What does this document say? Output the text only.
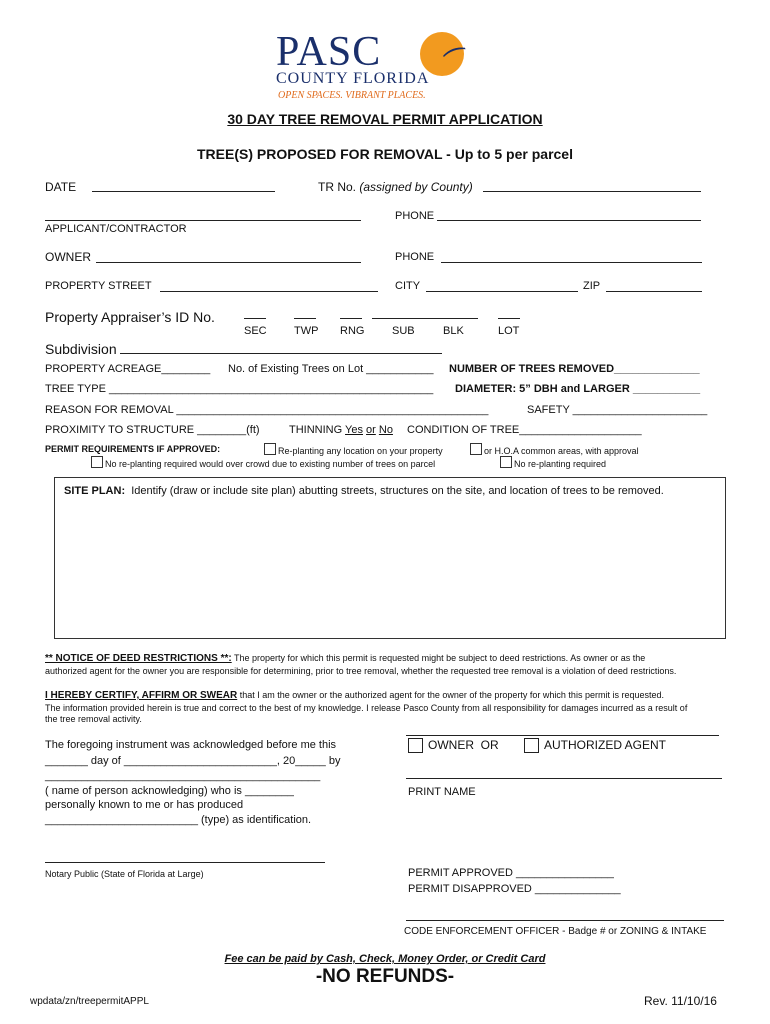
⁀
PASC
COUNTY FLORIDA
OPEN SPACES. VIBRANT PLACES.
30 DAY TREE REMOVAL PERMIT APPLICATION
TREE(S) PROPOSED FOR REMOVAL - Up to 5 per parcel
DATE	TR No. (assigned by County)
APPLICANT/CONTRACTOR
PHONE
OWNER	PHONE
PROPERTY STREET	CITY	ZIP
Property Appraiser’s ID No.
SEC TWP RNG	SUB	BLK	LOT
Subdivision
PROPERTY ACREAGE________ No. of Existing Trees on Lot ___________ NUMBER OF TREES REMOVED______________
TREE TYPE _____________________________________________________ DIAMETER: 5” DBH and LARGER ___________
REASON FOR REMOVAL ___________________________________________________	SAFETY ______________________
PROXIMITY TO STRUCTURE ________(ft)	THINNING Yes or No CONDITION OF TREE____________________
PERMIT REQUIREMENTS IF APPROVED:	Re-planting any location on your property	or H.O.A common areas, with approval
No re-planting required would over crowd due to existing number of trees on parcel	No re-planting required
SITE PLAN: Identify (draw or include site plan) abutting streets, structures on the site, and location of trees to be removed.
** NOTICE OF DEED RESTRICTIONS **: The property for which this permit is requested might be subject to deed restrictions. As owner or as the
authorized agent for the owner you are responsible for determining, prior to tree removal, whether the requested tree removal is a violation of deed restrictions.
I HEREBY CERTIFY, AFFIRM OR SWEAR that I am the owner or the authorized agent for the owner of the property for which this permit is requested.
The information provided herein is true and correct to the best of my knowledge. I release Pasco County from all responsibility for damages incurred as a result of
the tree removal activity.
The foregoing instrument was acknowledged before me this
_______ day of _________________________, 20_____ by
_____________________________________________
( name of person acknowledging) who is ________
personally known to me or has produced
_________________________ (type) as identification.
Notary Public (State of Florida at Large)
OWNER OR	AUTHORIZED AGENT
PRINT NAME
PERMIT APPROVED ________________
PERMIT DISAPPROVED ______________
CODE ENFORCEMENT OFFICER - Badge # or ZONING & INTAKE
Fee can be paid by Cash, Check, Money Order, or Credit Card
-NO REFUNDS-
wpdata/zn/treepermitAPPL	Rev. 11/10/16
